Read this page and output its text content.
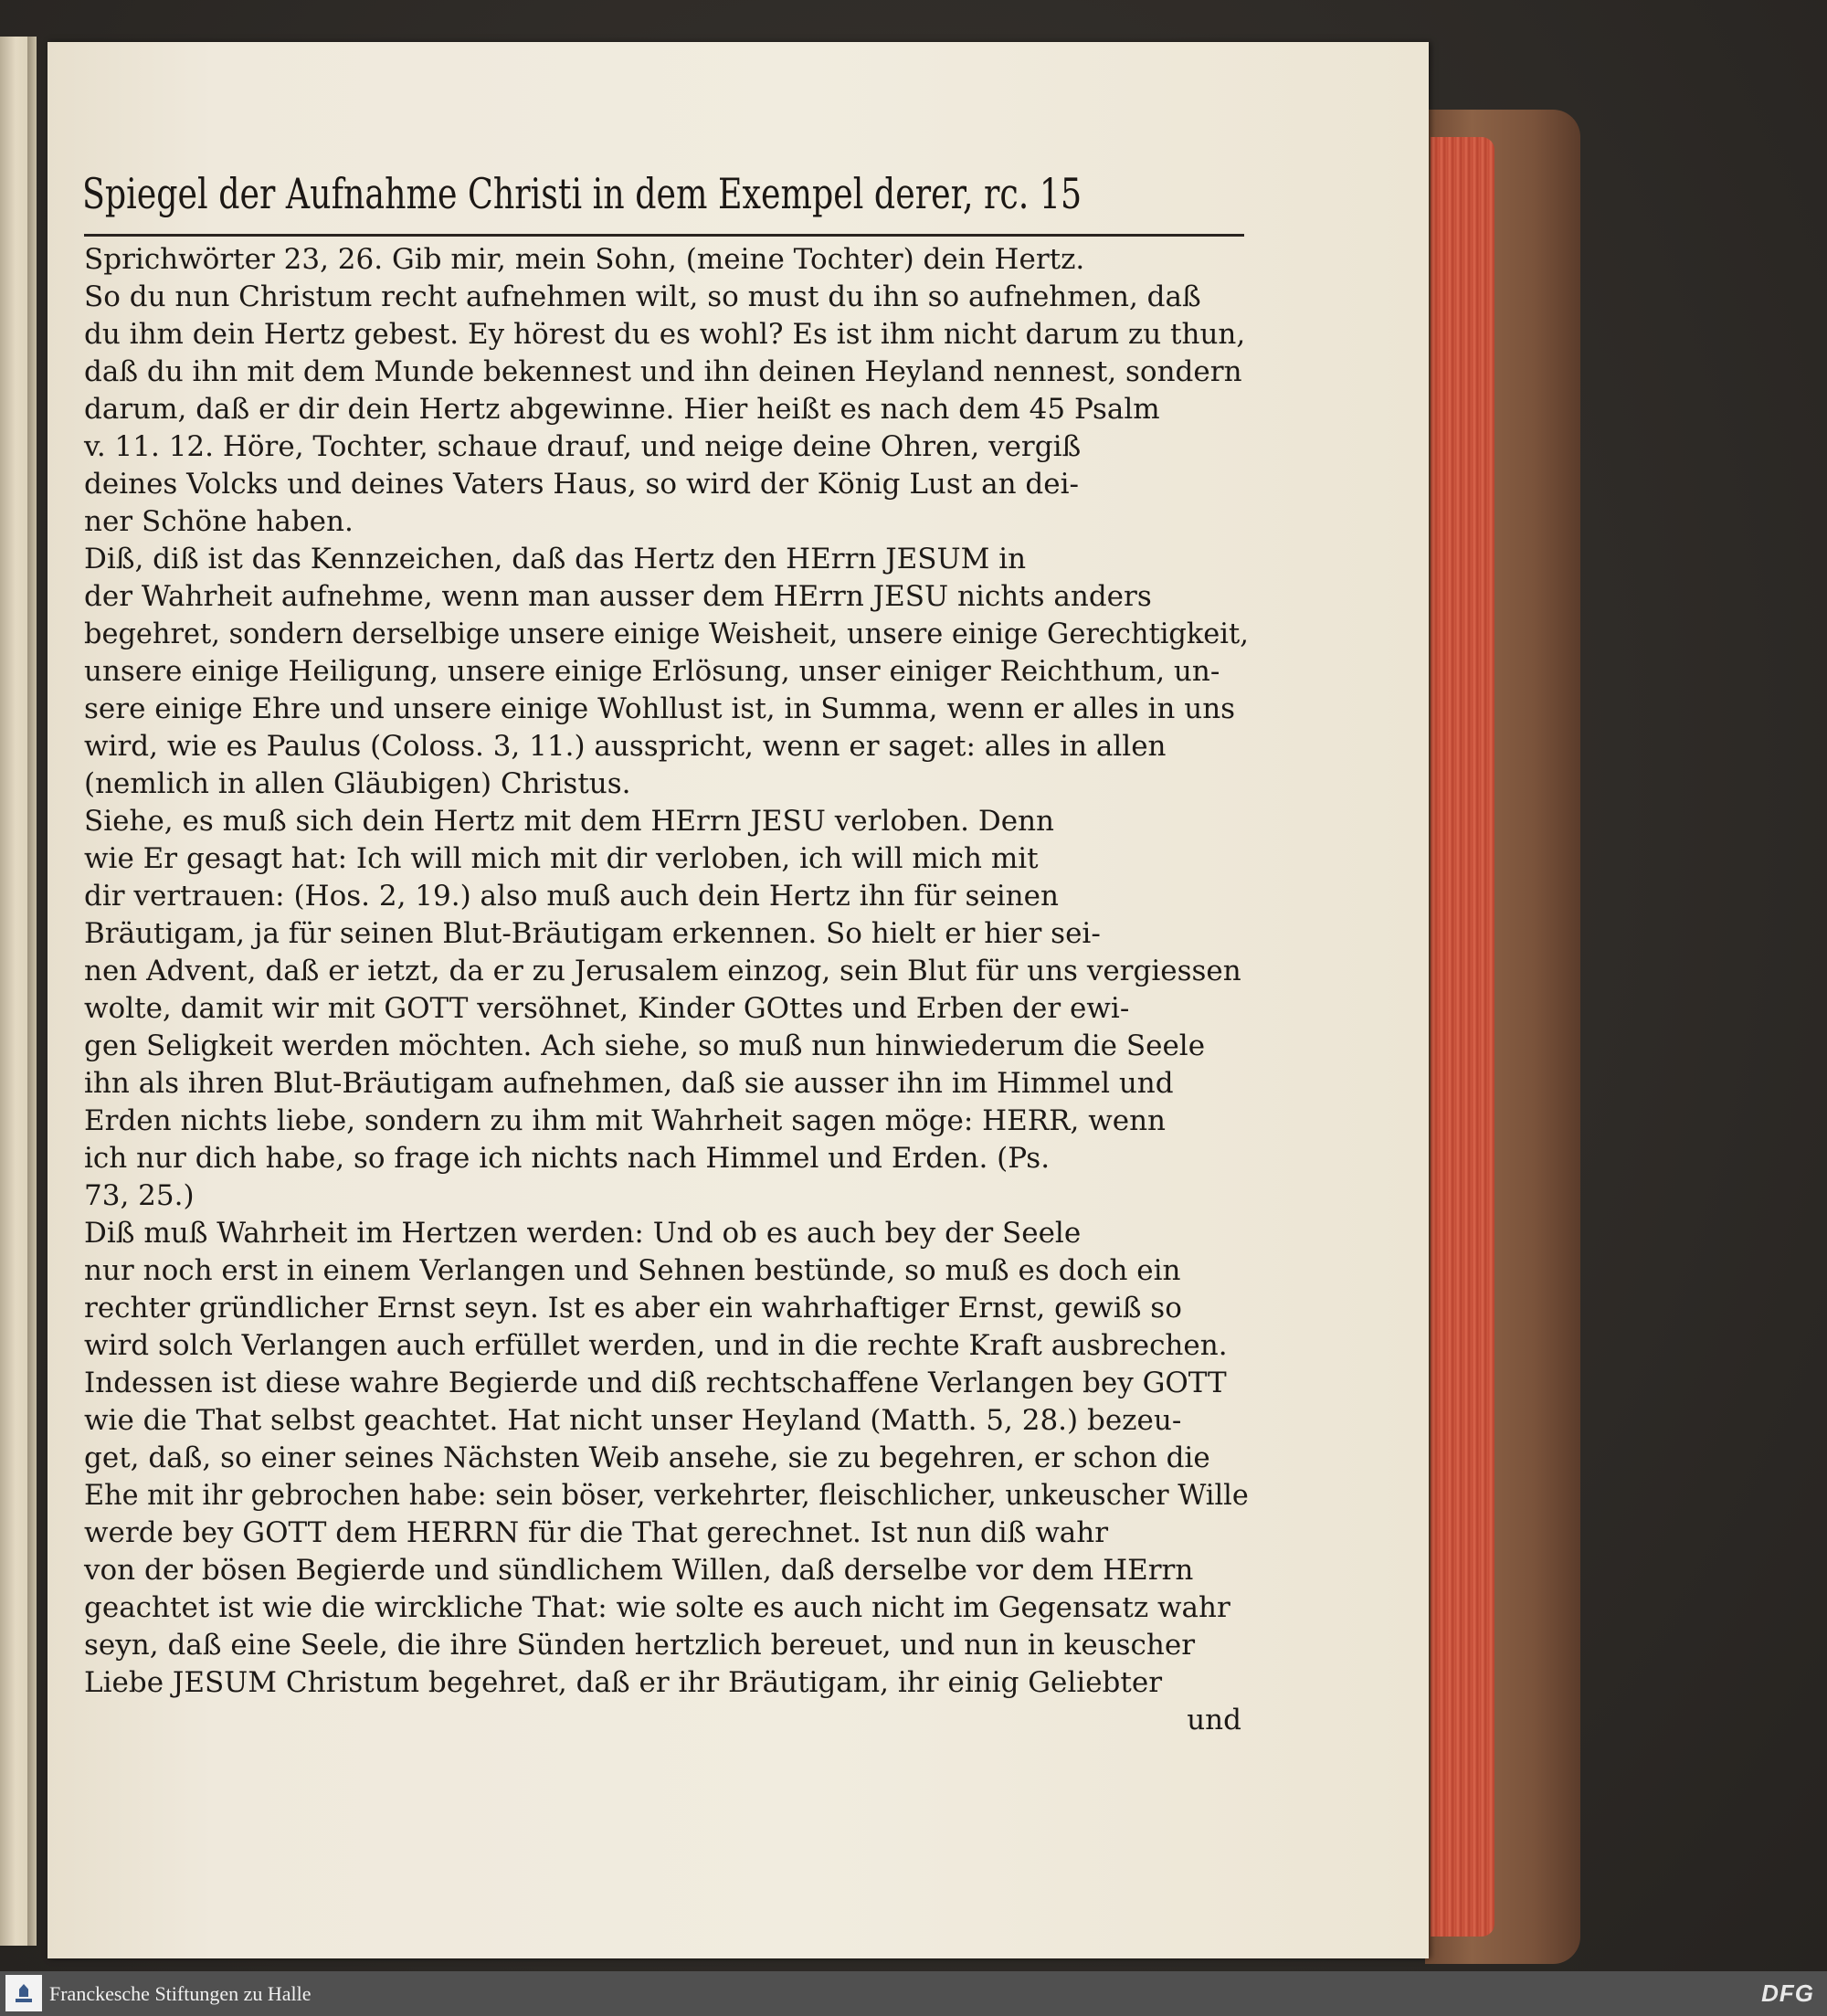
Spiegel der Aufnahme Christi in dem Exempel derer, rc. 15
Sprichwörter 23, 26. Gib mir, mein Sohn, (meine Tochter) dein Hertz.
So du nun Christum recht aufnehmen wilt, so must du ihn so aufnehmen, daß
du ihm dein Hertz gebest. Ey hörest du es wohl? Es ist ihm nicht darum zu thun,
daß du ihn mit dem Munde bekennest und ihn deinen Heyland nennest, sondern
darum, daß er dir dein Hertz abgewinne. Hier heißt es nach dem 45 Psalm
v. 11. 12. Höre, Tochter, schaue drauf, und neige deine Ohren, vergiß
deines Volcks und deines Vaters Haus, so wird der König Lust an dei-
ner Schöne haben.
Diß, diß ist das Kennzeichen, daß das Hertz den HErrn JESUM in
der Wahrheit aufnehme, wenn man ausser dem HErrn JESU nichts anders
begehret, sondern derselbige unsere einige Weisheit, unsere einige Gerechtigkeit,
unsere einige Heiligung, unsere einige Erlösung, unser einiger Reichthum, un-
sere einige Ehre und unsere einige Wohllust ist, in Summa, wenn er alles in uns
wird, wie es Paulus (Coloss. 3, 11.) ausspricht, wenn er saget: alles in allen
(nemlich in allen Gläubigen) Christus.
Siehe, es muß sich dein Hertz mit dem HErrn JESU verloben. Denn
wie Er gesagt hat: Ich will mich mit dir verloben, ich will mich mit
dir vertrauen: (Hos. 2, 19.) also muß auch dein Hertz ihn für seinen
Bräutigam, ja für seinen Blut-Bräutigam erkennen. So hielt er hier sei-
nen Advent, daß er ietzt, da er zu Jerusalem einzog, sein Blut für uns vergiessen
wolte, damit wir mit GOTT versöhnet, Kinder GOttes und Erben der ewi-
gen Seligkeit werden möchten. Ach siehe, so muß nun hinwiederum die Seele
ihn als ihren Blut-Bräutigam aufnehmen, daß sie ausser ihn im Himmel und
Erden nichts liebe, sondern zu ihm mit Wahrheit sagen möge: HERR, wenn
ich nur dich habe, so frage ich nichts nach Himmel und Erden. (Ps.
73, 25.)
Diß muß Wahrheit im Hertzen werden: Und ob es auch bey der Seele
nur noch erst in einem Verlangen und Sehnen bestünde, so muß es doch ein
rechter gründlicher Ernst seyn. Ist es aber ein wahrhaftiger Ernst, gewiß so
wird solch Verlangen auch erfüllet werden, und in die rechte Kraft ausbrechen.
Indessen ist diese wahre Begierde und diß rechtschaffene Verlangen bey GOTT
wie die That selbst geachtet. Hat nicht unser Heyland (Matth. 5, 28.) bezeu-
get, daß, so einer seines Nächsten Weib ansehe, sie zu begehren, er schon die
Ehe mit ihr gebrochen habe: sein böser, verkehrter, fleischlicher, unkeuscher Wille
werde bey GOTT dem HERRN für die That gerechnet. Ist nun diß wahr
von der bösen Begierde und sündlichem Willen, daß derselbe vor dem HErrn
geachtet ist wie die wirckliche That: wie solte es auch nicht im Gegensatz wahr
seyn, daß eine Seele, die ihre Sünden hertzlich bereuet, und nun in keuscher
Liebe JESUM Christum begehret, daß er ihr Bräutigam, ihr einig Geliebter
und
Franckesche Stiftungen zu Halle	DFG
